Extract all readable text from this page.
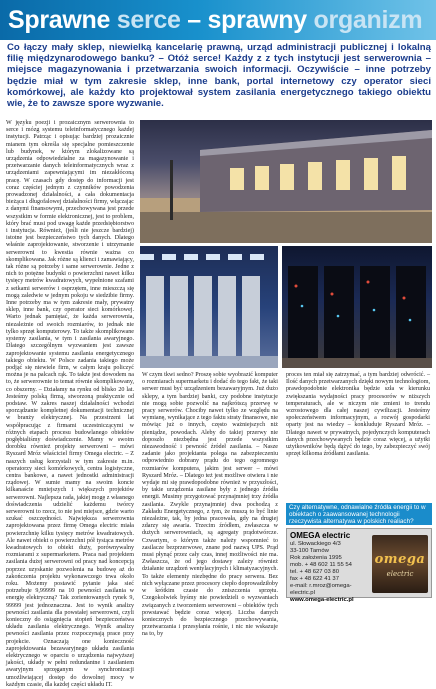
Sprawne serce – sprawny organizm

Co łączy mały sklep, niewielką kancelarię prawną, urząd administracji publicznej i lokalną filię międzynarodowego banku? – Otóż serce! Każdy z z tych instytucji jest serwerownia – miejsce magazynowania i przetwarzania swoich informacji. Oczywiście – inne potrzeby będzie miał w tym zakresie sklep, inne bank, portal internetowy czy operator sieci komórkowej, ale każdy kto projektował system zasilania energetycznego takiego obiektu wie, że to zawsze spore wyzwanie.

W języku poezji i prozaicznym serwerownia to serce i mózg systemu teleinformatycznego każdej instytucji. Patrząc i opisując bardziej prozaicznie mianem tym określa się specjalne pomieszczenie lub budynek, w którym zlokalizowane są urządzenia odpowiedzialne za magazynowanie i przetwarzanie danych teleinformatycznych wraz z urządzeniami zapewniającymi im niezakłóconą pracę. W czasach gdy dostęp do informacji jest coraz częściej jednym z czynników powodzenia prowadzonej działalności, a cała dokumentacja bieżąca i długofalowej działalności firmy, włączając z danymi finansowymi, przechowywana jest przede wszystkim w formie elektronicznej, jest to problem, który brać musi pod uwagę każde przedsiębiorstwo i instytucja. Również, (jeśli nie jeszcze bardziej) istotne jest bezpieczeństwo tych danych. Dlatego właśnie zaprojektowanie, stworzenie i utrzymanie serwerowni to kwestia równie ważna co skomplikowana. Jak różne są klienci i zamawiający, tak różne są potrzeby i same serwerownie. Jedne z nich to potężne budynki o powierzchni nawet kilku tysięcy metrów kwadratowych, wypełnione szafami z setkami serwerów i osprzętem, inne mieszczą się mogą zaledwie w jednym pokoju w siedzibie firmy. Inne potrzeby ma w tym zakresie mały, prywatny sklep, inne bank, czy operator sieci komórkowej. Warto jednak pamiętać, że każda serwerownia, niezależnie od swoich rozmiarów, to jednak nie tylko sprzęt komputerowy. To także skomplikowane systemy zasilania, w tym i zasilania awaryjnego. Dlatego szczególnym wyzwaniem jest zawsze zaprojektowanie systemu zasilania energetycznego takiego obiektu. W Polsce zadania takiego może podjąć się niewiele firm, w całym kraju policzyć można je na palcach rąk. To także jest dowodem na to, że serwerownie to temat równie skomplikowany, co obszerny. – Działamy na rynku od blisko 20 lat. Jesteśmy polską firmą, stworzoną praktycznie od podstaw. W zakres naszej działalności wchodzi sporządzanie kompletnej dokumentacji technicznej w branży elektrycznej. Na przestrzeni lat współpracując z firmami uczestniczącymi w różnych etapach procesu budowlanego obiektów pogłębialiśmy doświadczenie. Mamy w swoim dorobku również projekty serwerowni – mówi Ryszard Mróz właściciel firmy Omega electric. – Z naszych usług korzystali w tym zakresie m.in. operatorzy sieci komórkowych, centra logistyczne, centra bankowe, a nawet jednostki administracji rządowej. W sumie mamy na swoim koncie kilkanaście mniejszych i większych projektów serwerowni. Najlepsza rada, jakiej mogę z własnego doświadczenia udzielić każdemu twórcy serwerowni to rzecz, to nie jest miejsce, gdzie warto szukać oszczędności. Największa serwerownia zaprojektowana przez firmę Omega electric miała powierzchnię kilku tysięcy metrów kwadratowych. Ale nawet obiekt o powierzchni pół tysiąca metrów kwadratowych to obiekt duży, porównywalny rozmiarami z supermarketem. Praca nad projektem zasilania dużej serwerowni od pracy nad koncepcją poprzez uzyskanie pozwolenia na budowę aż do zakończenia projektu wykonawczego trwa około roku. Możemy postawić pytanie jaka sieć potrzebuje 9,99999 na 10 pewności zasilania w energię elektryczną? Tak zorientowanych rynek 9, 99999 jest jednoznaczna. Jest to wynik analizy pewności zasilania dla powstałej serwerowni, czyli konieczny do osiągnięcia stopień bezpieczeństwa układu zasilania elektrycznego. Wynik analizy pewności zasilania przez rozpoczynają prace przy projekcie. Oznaczają one konieczność zaprojektowania bezawaryjnego układu zasilania elektrycznego w oparciu o urządzenia najwyższej jakości, układy w pełni redundantne i zasilaniem awaryjnym sprzęganym w synchronizacji umożliwiającej dostęp do dowolnej mocy w każdym czasie, dla każdej części układu IT.

W czym tkwi sedno? Proszę sobie wyobrazić komputer o rozmiarach supermarketu i dodać do tego fakt, że taki serwer musi być urządzeniem bezawaryjnym. Już dużo sklepy, a tym bardziej banki, czy podobne instytucje nie mogą sobie pozwolić na najkrótszą przerwę w pracy serwerów. Chociby nawet tylko ze względu na wymianę, wynikające z tego faktu straty finansowe, nie mówiąc już o innych, często ważniejszych niż pieniądze, powodach. Aleby do takiej przerwy nie doposzło niezbędna jest przede wszystkim niezawodność i pewność źródeł zasilania. – Nasze zadanie jako projektanta polega na zabezpieczeniu odpowiednio dobrany prądu do tego ogromnego rozmiarów komputera, jakim jest serwer – mówi Ryszard Mróz. – Dlatego też jest możliwe otwiera i nie wydaje mi się prawdopodobne również w przyszłości, by takie urządzenia zasilane były z jednego źródła energii. Musimy przygotować przynajmniej trzy źródła zasilania. Zwykle przynajmniej dwa pochodzą z Zakładu Energetycznego, z tym, że muszą to być linie niezależne, tak, by jedna pracowała, gdy na drugiej zdarzy się awaria. Trzecim źródłem, zwłaszcza w dużych serwerowniach, są agregaty prądotwórcze. Czwartym, o którym także należy wspomnieć to zasilacze bezprzerwowe, znane pod nazwą UPS. Prąd musi płynąć przez cały czas, innej możliwości nie ma. Zwłaszcza, że od jego dostawy zależy również działanie urządzeń wentylacyjnych i klimatyzacyjnych. To także elementy niezbędne do pracy serwera. Bez nich wyłączane przez procesory ciepło doprowadziłoby w krótkim czasie do zniszczenia sprzętu. Czegokolwiek byśmy nie powiedzieli o wyzwaniach związanych z tworzeniem serwerowni – obiektów tych powstawać będzie coraz więcej. Liczba danych koniecznych do bezpiecznego przechowywania, przetwarzania i przesyłania rośnie, i nic nie wskazuje na to, by

proces ten miał się zatrzymać, a tym bardziej odwrócić. – Ilość danych przetwarzanych dzięki nowym technologiom, prawdopodobnie elektronika będzie szła w kierunku zwiększania wydajności pracy procesorów w niższych temperaturach, ale w niczym nie zmieni to trendu wzrostowego dla całej naszej cywilizacji. Jesteśmy społeczeństwem informacyjnym, a rozwój gospodarki oparty jest na wiedzy – konkluduje Ryszard Mróz. – Dlatego nawet w prywatnych, pojedynczych komputerach danych przechowywanych będzie coraz więcej, a użytki użytkowników będą dążyć do tego, by zabezpieczyć swój sprzęt kilkoma źródłami zasilania.

Czy alternatywne, odnawialne źródła energii to w obiektach o zaawansowanej technologii rzeczywista alternatywa w polskich realiach?
OMEGA electric
ul. Słowackiego 4/3
33-100 Tarnów
Rok założenia 1995
mob. + 48 602 11 55 54
tel. + 48 627 03 80
fax + 48 622 41 37
e-mail: r.mroz@omega-electric.pl
www.omega-electric.pl
omega
electric
